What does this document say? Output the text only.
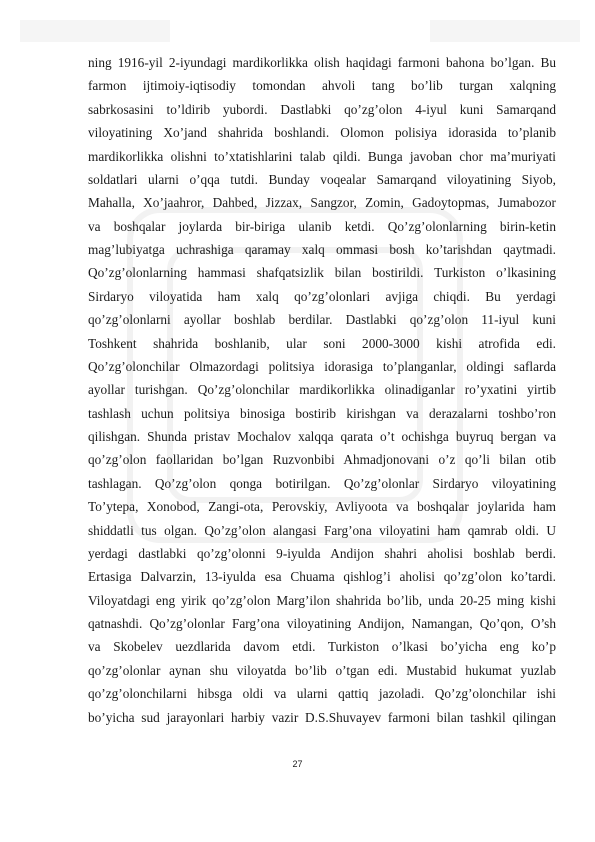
ning 1916-yil 2-iyundagi mardikorlikka olish haqidagi farmoni bahona bo’lgan. Bu
farmon ijtimoiy-iqtisodiy tomondan ahvoli tang bo’lib turgan xalqning
sabrkosasini to’ldirib yubordi. Dastlabki qo’zg’olon 4-iyul kuni Samarqand
viloyatining Xo’jand shahrida boshlandi. Olomon polisiya idorasida to’planib
mardikorlikka olishni to’xtatishlarini talab qildi. Bunga javoban chor ma’muriyati
soldatlari ularni o’qqa tutdi. Bunday voqealar Samarqand viloyatining Siyob,
Mahalla, Xo’jaahror, Dahbed, Jizzax, Sangzor, Zomin, Gadoytopmas, Jumabozor
va boshqalar joylarda bir-biriga ulanib ketdi. Qo’zg’olonlarning birin-ketin
mag’lubiyatga uchrashiga qaramay xalq ommasi bosh ko’tarishdan qaytmadi.
Qo’zg’olonlarning hammasi shafqatsizlik bilan bostirildi. Turkiston o’lkasining
Sirdaryo viloyatida ham xalq qo’zg’olonlari avjiga chiqdi. Bu yerdagi
qo’zg’olonlarni ayollar boshlab berdilar. Dastlabki qo’zg’olon 11-iyul kuni
Toshkent shahrida boshlanib, ular soni 2000-3000 kishi atrofida edi.
Qo’zg’olonchilar Olmazordagi politsiya idorasiga to’planganlar, oldingi saflarda
ayollar turishgan. Qo’zg’olonchilar mardikorlikka olinadiganlar ro’yxatini yirtib
tashlash uchun politsiya binosiga bostirib kirishgan va derazalarni toshbo’ron
qilishgan. Shunda pristav Mochalov xalqqa qarata o’t ochishga buyruq bergan va
qo’zg’olon faollaridan bo’lgan Ruzvonbibi Ahmadjonovani o’z qo’li bilan otib
tashlagan. Qo’zg’olon qonga botirilgan. Qo’zg’olonlar Sirdaryo viloyatining
To’ytepa, Xonobod, Zangi-ota, Perovskiy, Avliyoota va boshqalar joylarida ham
shiddatli tus olgan. Qo’zg’olon alangasi Farg’ona viloyatini ham qamrab oldi. U
yerdagi dastlabki qo’zg’olonni 9-iyulda Andijon shahri aholisi boshlab berdi.
Ertasiga Dalvarzin, 13-iyulda esa Chuama qishlog’i aholisi qo’zg’olon ko’tardi.
Viloyatdagi eng yirik qo’zg’olon Marg’ilon shahrida bo’lib, unda 20-25 ming kishi
qatnashdi. Qo’zg’olonlar Farg’ona viloyatining Andijon, Namangan, Qo’qon, O’sh
va Skobelev uezdlarida davom etdi. Turkiston o’lkasi bo’yicha eng ko’p
qo’zg’olonlar aynan shu viloyatda bo’lib o’tgan edi. Mustabid hukumat yuzlab
qo’zg’olonchilarni hibsga oldi va ularni qattiq jazoladi. Qo’zg’olonchilar ishi
bo’yicha sud jarayonlari harbiy vazir D.S.Shuvayev farmoni bilan tashkil qilingan
27
